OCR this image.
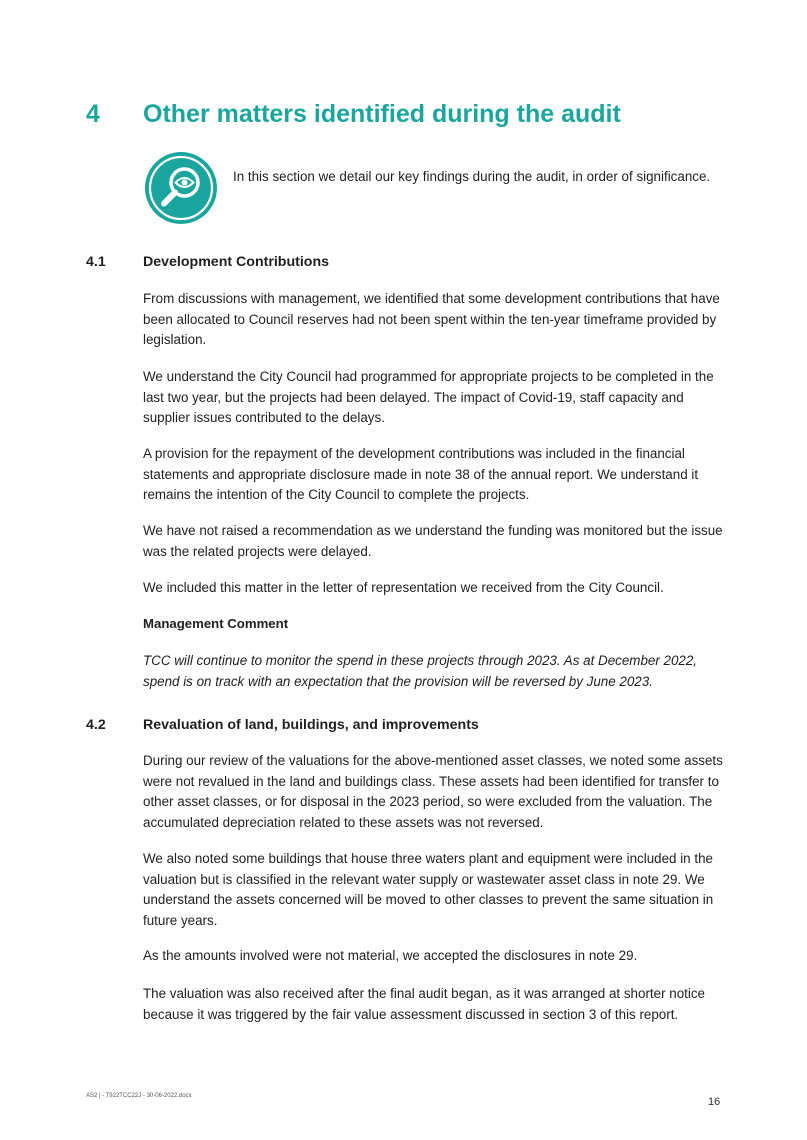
4 Other matters identified during the audit
In this section we detail our key findings during the audit, in order of significance.
4.1	Development Contributions

From discussions with management, we identified that some development contributions that have been allocated to Council reserves had not been spent within the ten-year timeframe provided by legislation.

We understand the City Council had programmed for appropriate projects to be completed in the last two year, but the projects had been delayed. The impact of Covid-19, staff capacity and supplier issues contributed to the delays.

A provision for the repayment of the development contributions was included in the financial statements and appropriate disclosure made in note 38 of the annual report. We understand it remains the intention of the City Council to complete the projects.

We have not raised a recommendation as we understand the funding was monitored but the issue was the related projects were delayed.

We included this matter in the letter of representation we received from the City Council.

Management Comment

TCC will continue to monitor the spend in these projects through 2023. As at December 2022, spend is on track with an expectation that the provision will be reversed by June 2023.

4.2	Revaluation of land, buildings, and improvements

During our review of the valuations for the above-mentioned asset classes, we noted some assets were not revalued in the land and buildings class. These assets had been identified for transfer to other asset classes, or for disposal in the 2023 period, so were excluded from the valuation. The accumulated depreciation related to these assets was not reversed.

We also noted some buildings that house three waters plant and equipment were included in the valuation but is classified in the relevant water supply or wastewater asset class in note 29. We understand the assets concerned will be moved to other classes to prevent the same situation in future years.

As the amounts involved were not material, we accepted the disclosures in note 29.

The valuation was also received after the final audit began, as it was arranged at shorter notice because it was triggered by the fair value assessment discussed in section 3 of this report.

AS2 j - T922TCC22J - 30-06-2022.docx	16
